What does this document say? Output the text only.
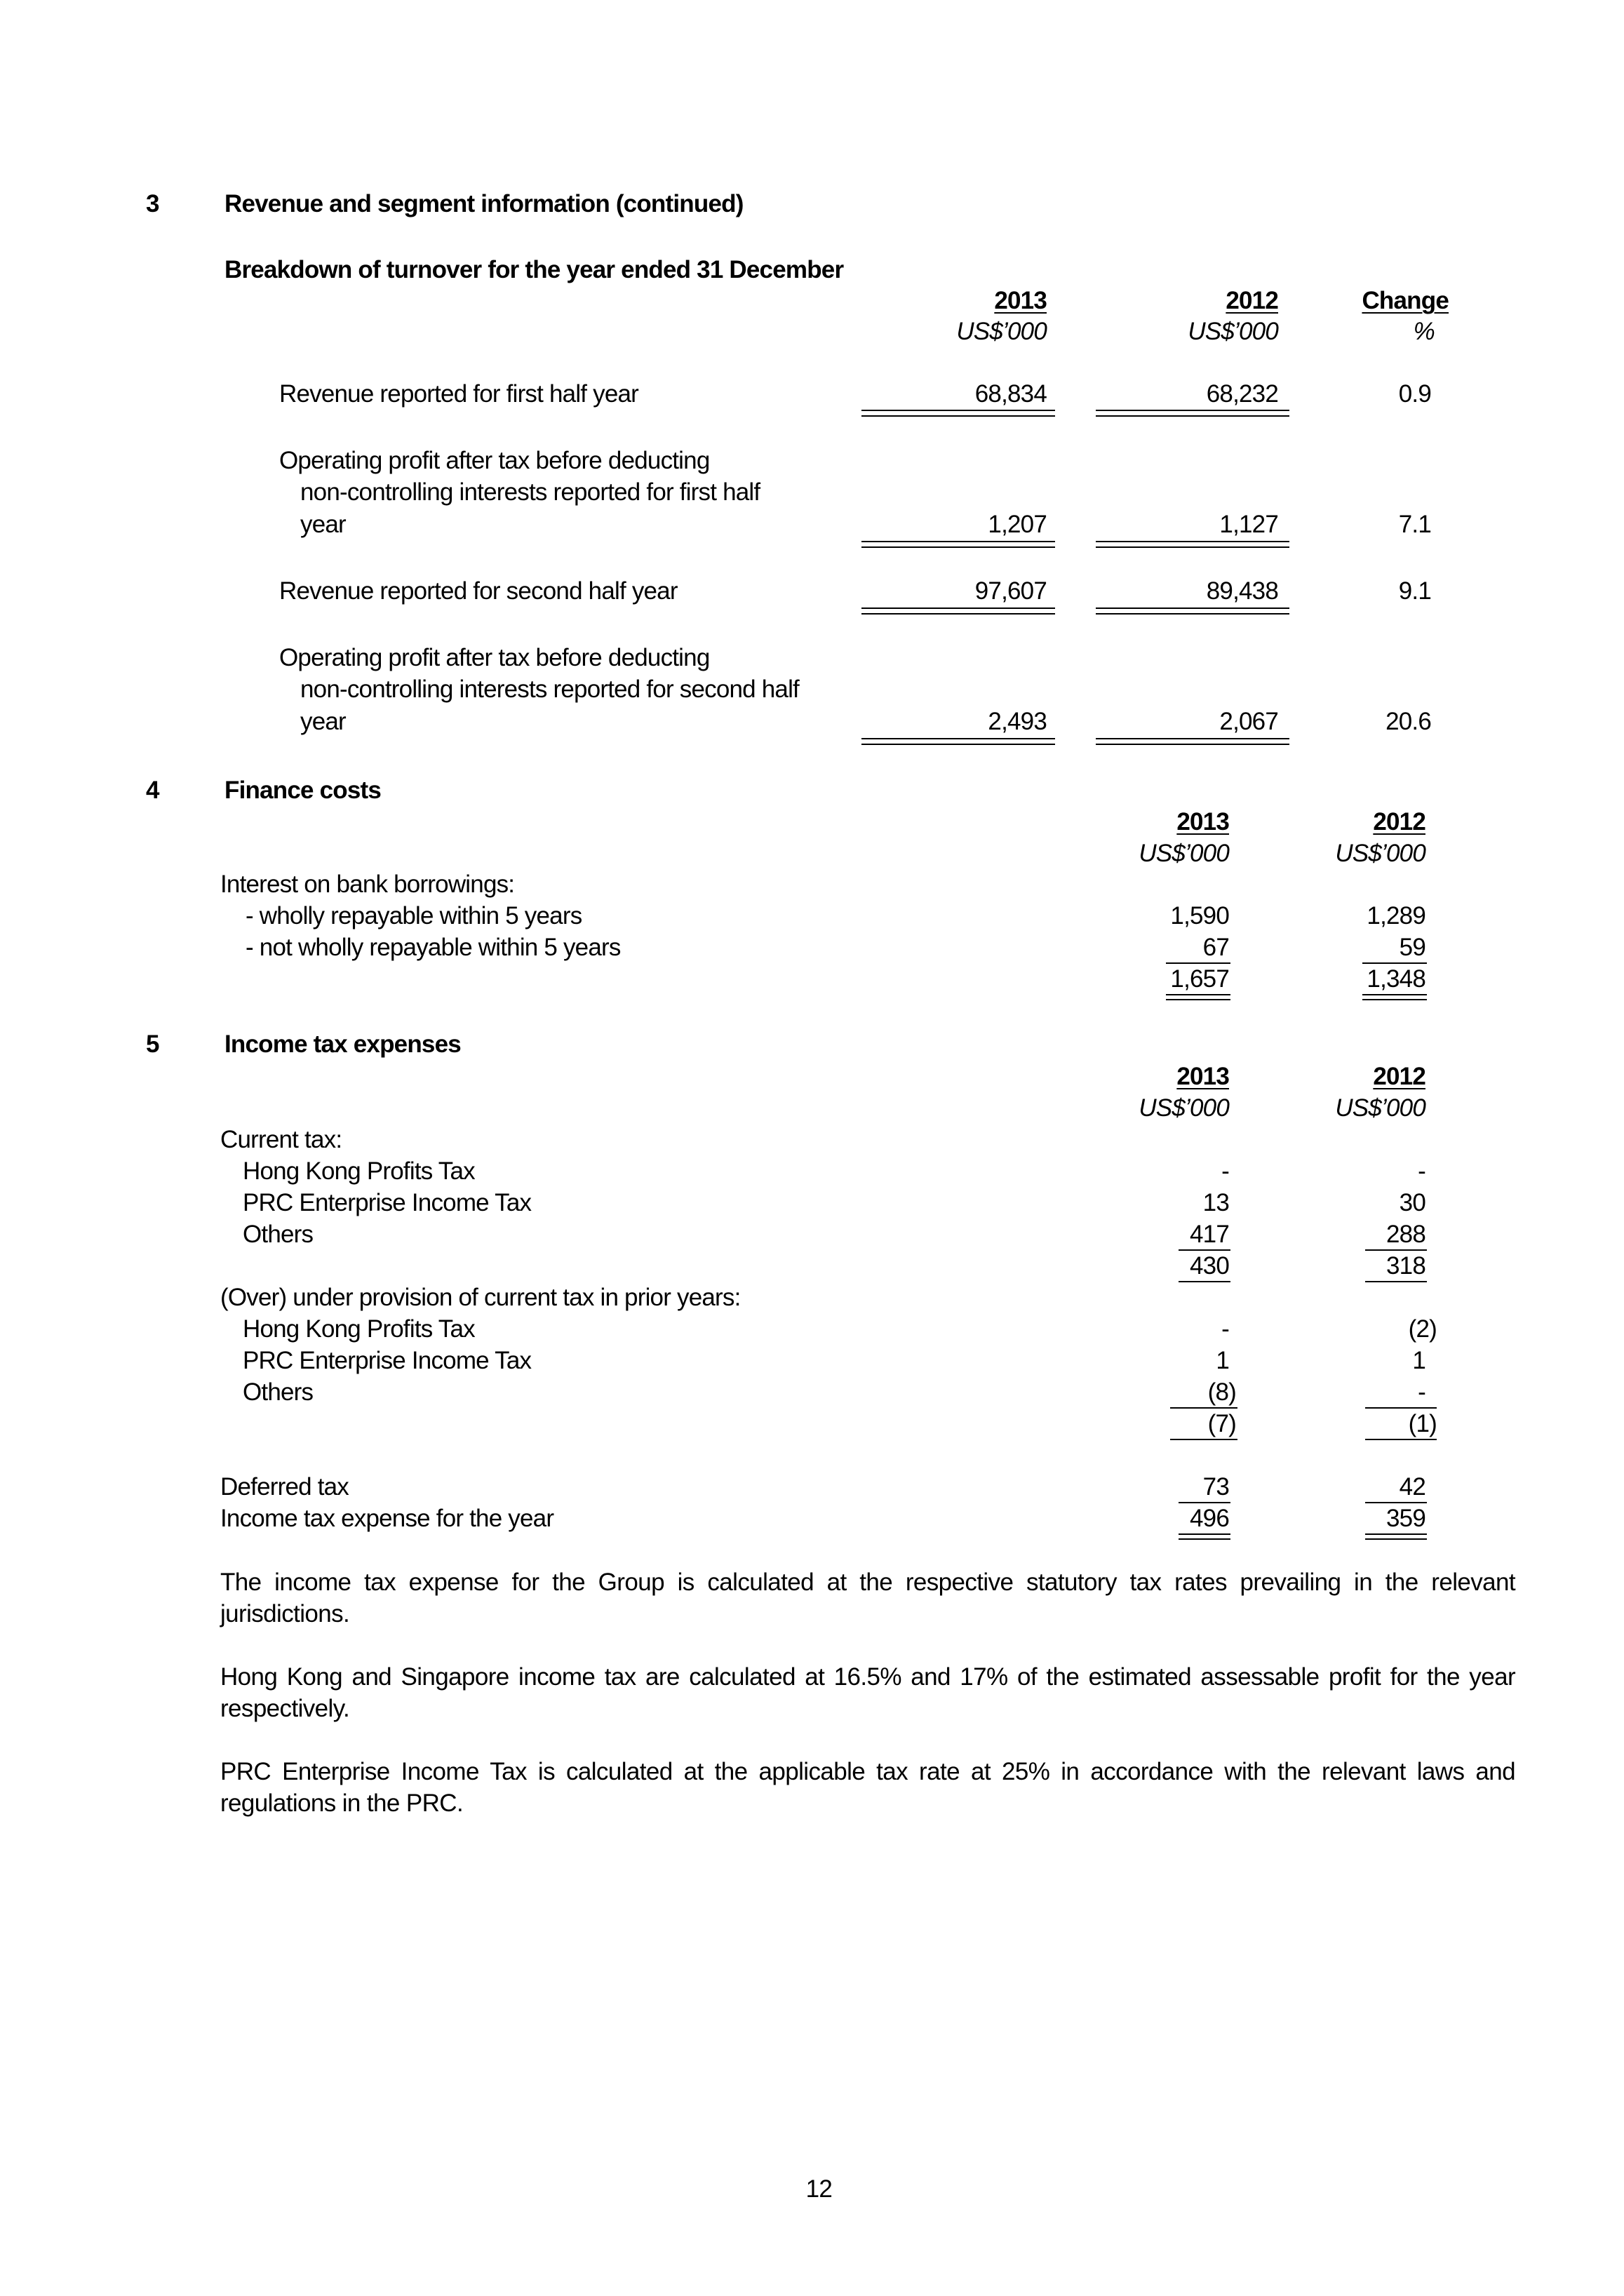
3	Revenue and segment information (continued)
Breakdown of turnover for the year ended 31 December
2013	2012	Change
US$’000	US$’000	%
Revenue reported for first half year	68,834	68,232	0.9
Operating profit after tax before deducting
non-controlling interests reported for first half
year	1,207	1,127	7.1
Revenue reported for second half year	97,607	89,438	9.1
Operating profit after tax before deducting
non-controlling interests reported for second half
year	2,493	2,067	20.6
4	Finance costs
2013	2012
US$’000	US$’000
Interest on bank borrowings:
- wholly repayable within 5 years	1,590	1,289
- not wholly repayable within 5 years	67	59
1,657	1,348
5	Income tax expenses
2013	2012
US$’000	US$’000
Current tax:
Hong Kong Profits Tax	-	-
PRC Enterprise Income Tax	13	30
Others	417	288
430	318
(Over) under provision of current tax in prior years:
Hong Kong Profits Tax	-	(2)
PRC Enterprise Income Tax	1	1
Others	(8)	-
(7)	(1)
Deferred tax	73	42
Income tax expense for the year	496	359
The income tax expense for the Group is calculated at the respective statutory tax rates prevailing in the relevant jurisdictions.
Hong Kong and Singapore income tax are calculated at 16.5% and 17% of the estimated assessable profit for the year respectively.
PRC Enterprise Income Tax is calculated at the applicable tax rate at 25% in accordance with the relevant laws and regulations in the PRC.
12
